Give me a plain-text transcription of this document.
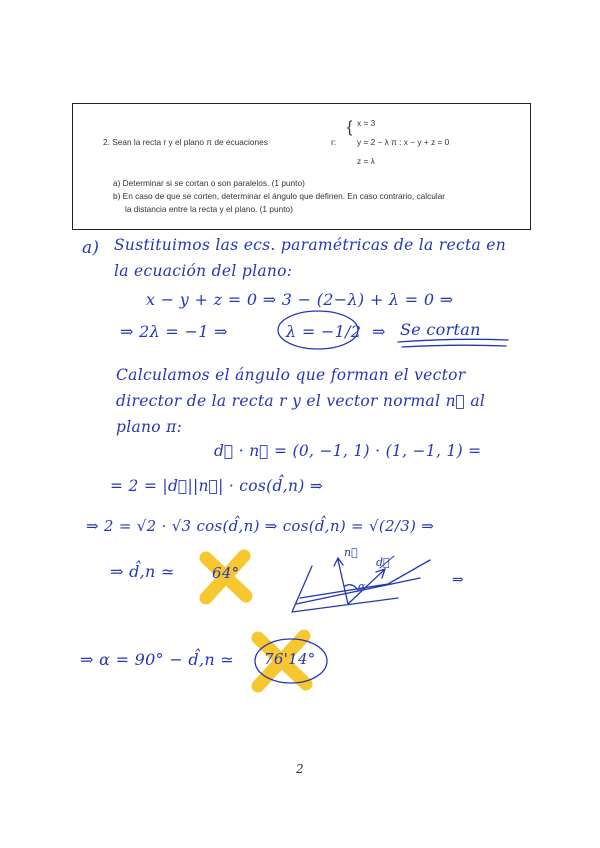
2. Sean la recta r y el plano π de ecuaciones	r:
{ x = 3
y = 2 − λ π : x − y + z = 0
z = λ
a) Determinar si se cortan o son paralelos. (1 punto)
b) En caso de que se corten, determinar el ángulo que definen. En caso contrario, calcular
la distancia entre la recta y el plano. (1 punto)
a) Sustituimos las ecs. paramétricas de la recta en
la ecuación del plano:
x − y + z = 0 ⇒ 3 − (2−λ) + λ = 0 ⇒
⇒ 2λ = −1 ⇒	λ = −1/2 ⇒ Se cortan
Calculamos el ángulo que forman el vector
director de la recta r y el vector normal n⃗ al
plano π:
d⃗ · n⃗ = (0, −1, 1) · (1, −1, 1) =
= 2 = |d⃗||n⃗| · cos(d̂,n) ⇒
⇒ 2 = √2 · √3 cos(d̂,n) ⇒ cos(d̂,n) = √(2/3) ⇒
⇒ d̂,n ≃ 64°
⇒ α = 90° − d̂,n ≃ 76'14°
n⃗
d⃗
α	⇒
2
